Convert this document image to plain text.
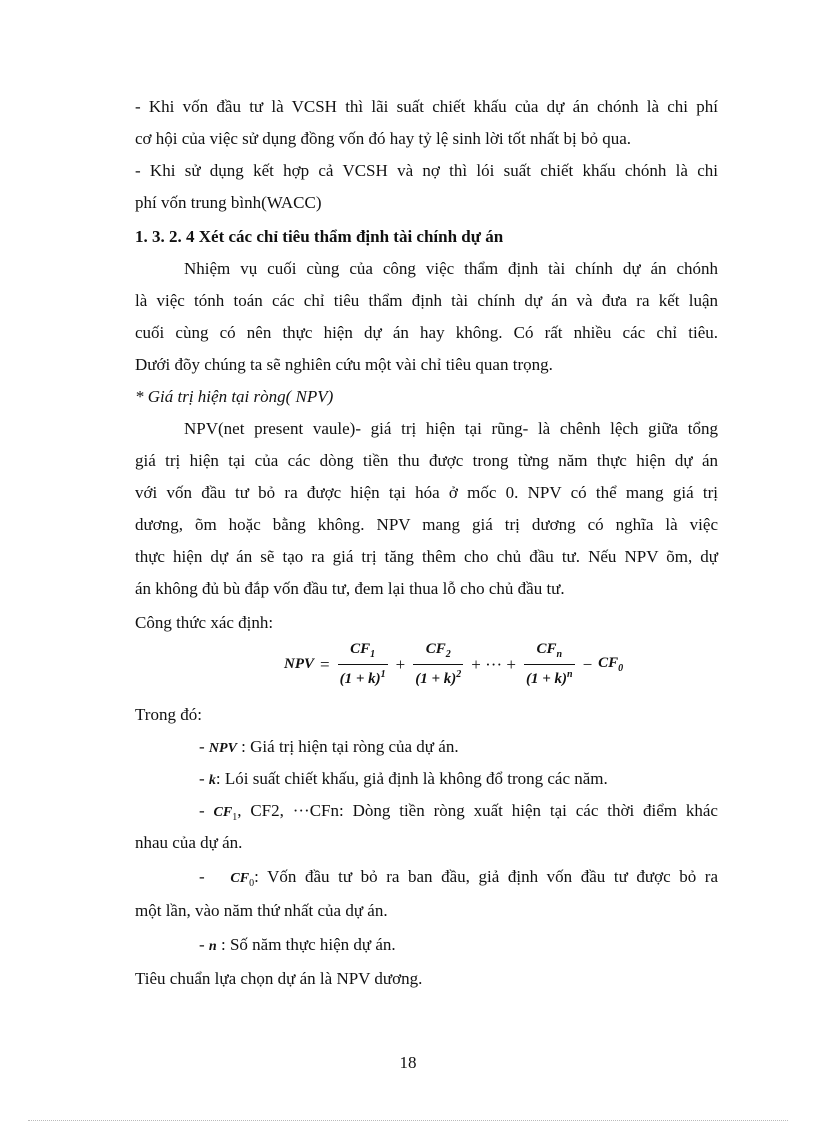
- Khi vốn đầu tư là VCSH thì lãi suất chiết khấu của dự án chónh là chi phí
cơ hội của việc sử dụng đồng vốn đó hay tỷ lệ sinh lời tốt nhất bị bỏ qua.
- Khi sử dụng kết hợp cả VCSH và nợ thì lói suất chiết khấu chónh là chi
phí vốn trung bình(WACC)
1. 3. 2. 4 Xét các chỉ tiêu thẩm định tài chính dự án
Nhiệm vụ cuối cùng của công việc thẩm định tài chính dự án chónh
là việc tónh toán các chỉ tiêu thẩm định tài chính dự án và đưa ra kết luận
cuối cùng có nên thực hiện dự án hay không. Có rất nhiều các chỉ tiêu.
Dưới đõy chúng ta sẽ nghiên cứu một vài chỉ tiêu quan trọng.
* Giá trị hiện tại ròng( NPV)
NPV(net present vaule)- giá trị hiện tại rũng- là chênh lệch giữa tổng
giá trị hiện tại của các dòng tiền thu được trong từng năm thực hiện dự án
với vốn đầu tư bỏ ra được hiện tại hóa ở mốc 0. NPV có thể mang giá trị
dương, õm hoặc bằng không. NPV mang giá trị dương có nghĩa là việc
thực hiện dự án sẽ tạo ra giá trị tăng thêm cho chủ đầu tư. Nếu NPV õm, dự
án không đủ bù đắp vốn đầu tư, đem lại thua lỗ cho chủ đầu tư.
Công thức xác định:
NPV = $\frac{CF_1}{(1 + k)^1} + \frac{CF_2}{(1 + k)^2}$ + ··· + $\frac{CF_n}{(1 + k)^n} - CF_0$
Trong đó:
- NPV : Giá trị hiện tại ròng của dự án.
- k: Lói suất chiết khấu, giả định là không đổ trong các năm.
- $CF_1$, CF2, ···CFn: Dòng tiền ròng xuất hiện tại các thời điểm khác
nhau của dự án.
-   $CF_0$: Vốn đầu tư bỏ ra ban đầu, giả định vốn đầu tư được bỏ ra
một lần, vào năm thứ nhất của dự án.
- n : Số năm thực hiện dự án.
Tiêu chuẩn lựa chọn dự án là NPV dương.
18
